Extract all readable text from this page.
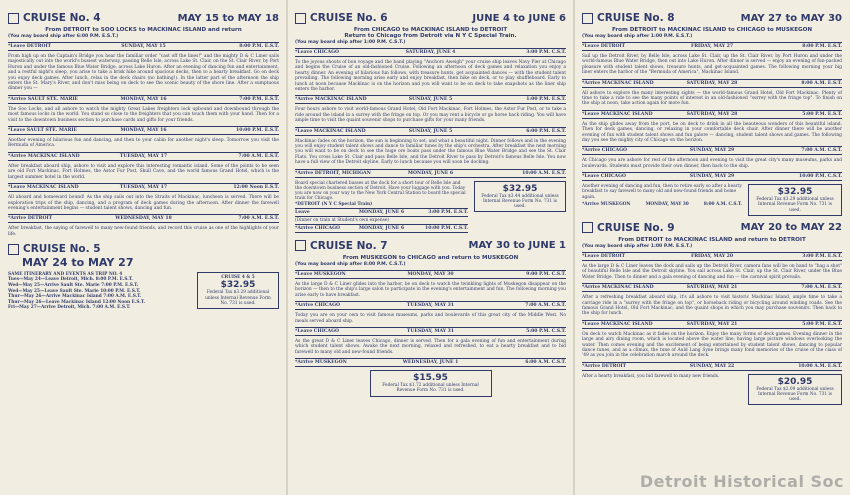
CRUISE No. 4	MAY 15 to MAY 18
From DETROIT to SOO LOCKS to MACKINAC ISLAND and return
(You may board ship after 6:00 P.M. E.S.T.)
*Leave DETROIT	SUNDAY, MAY 15	8:00 P.M. E.S.T.
From high up on the Captain's Bridge you hear the familiar order "cast off the lines!" and the mighty D & C Liner sails majestically out into the world's busiest waterway, passing Belle Isle, across Lake St. Clair, on the St. Clair River, by Port Huron and under the famous Blue Water Bridge, across Lake Huron. After an evening of dancing fun and entertainment, and a restful night's sleep, you arise to take a brisk hike around spacious decks, then to a hearty breakfast. Go on deck you enjoy deck games. After lunch, relax in the deck chairs (no bathing!). In the latter part of the afternoon the ship enters the St. Mary's River, and don't miss being on deck to see the scenic beauty of the shore line. After a sumptuous dinner you —
*Arrive SAULT STE. MARIE	MONDAY, MAY 16	7:00 P.M. E.S.T.
The Soo Locks, and all ashore to watch the mighty Great Lakes freighters lock upbound and downbound through the most famous locks in the world. You stand so close to the freighters that you can touch them with your hand. Then for a visit to the downtown business section to purchase cards and gifts for your friends.
*Leave SAULT STE. MARIE	MONDAY, MAY 16	10:00 P.M. E.S.T.
Another evening of hilarious fun and dancing, and then to your cabin for another night's sleep. Tomorrow you visit the Bermuda of America.
*Arrive MACKINAC ISLAND	TUESDAY, MAY 17	7:00 A.M. E.S.T.
After breakfast aboard ship, ashore to visit and explore this interesting romantic island. Some of the points to be seen are old Fort Mackinac, Fort Holmes, the Astor Fur Post, Skull Cave, and the world famous Grand Hotel, which is the largest summer hotel in the world.
*Leave MACKINAC ISLAND	TUESDAY, MAY 17	12:00 Noon E.S.T.
All aboard and homeward bound! As the ship sails out into the Straits of Mackinac, luncheon is served. There will be exploration trips of the ship, dancing, and a program of deck games during the afternoon. After dinner the farewell evening's entertainment begins — student talent shows, dancing and fun.
*Arrive DETROIT	WEDNESDAY, MAY 18	7:00 A.M. E.S.T.
After breakfast, the saying of farewell to many new-found friends, and record this cruise as one of the highlights of your life.
CRUISE No. 5
MAY 24 to MAY 27
SAME ITINERARY AND EVENTS AS TRIP NO. 4
Tues—May 24—Leave Detroit, Mich. 8:00 P.M. E.S.T.
Wed—May 25—Arrive Sault Ste. Marie 7:00 P.M. E.S.T.
Wed—May 25—Leave Sault Ste. Marie 10:00 P.M. E.S.T.
Thur—May 26—Arrive Mackinac Island 7:00 A.M. E.S.T.
Thur—May 26—Leave Mackinac Island 12:00 Noon E.S.T.
Fri—May 27—Arrive Detroit, Mich. 7:00 A.M. E.S.T.
CRUISE 4 & 5
$32.95
Federal Tax $3.29 additional unless Internal Revenue Form No. 731 is used.
CRUISE No. 6	JUNE 4 to JUNE 6
From CHICAGO to MACKINAC ISLAND to DETROIT
Return to Chicago from Detroit via N Y C Special Train.
(You may board ship after 1:00 P.M. C.S.T.)
*Leave CHICAGO	SATURDAY, JUNE 4	3:00 P.M. C.S.T.
To the joyous shouts of bon voyage and the band playing "Anchors Aweigh" your cruise ship leaves Navy Pier at Chicago and begins the Cruise of an old-fashioned Cruise. Following an afternoon of deck games and relaxation you enjoy a hearty dinner. An evening of hilarious fun follows, with treasure hunts, get acquainted dances — with the student talent prevailing. The following morning arise early and enjoy breakfast, then hike on deck, or to play shuffleboard. Early to lunch at noon because Mackinac is on the horizon and you will want to be on deck to take snapshots as the liner ship enters the harbor.
*Arrive MACKINAC ISLAND	SUNDAY, JUNE 5	1:00 P.M. E.S.T.
Four hours ashore to visit world-famous Grand Hotel, Old Fort Mackinac, Fort Holmes, the Astor Fur Post, or to take a ride around the island in a surrey with the fringe on top. Or you may rent a bicycle or go horse back riding. You will have ample time to visit the quaint souvenir shops to purchase gifts for your many friends.
*Leave MACKINAC ISLAND	SUNDAY, JUNE 5	6:00 P.M. E.S.T.
Mackinac fades on the horizon, the sun is beginning to set, and what a beautiful night. Dinner follows and in the evening you will enjoy student talent shows and dance to familiar tunes by the ship's orchestra. After breakfast the next morning you will want to be on deck to see the huge ore boats pass under the famous Blue Water Bridge and see the St. Clair Flats. You cross Lake St. Clair and pass Belle Isle, and the Detroit River to pass by Detroit's famous Belle Isle. You now have a full view of the Detroit skyline. Early to lunch because you will soon be docking.
*Arrive DETROIT, MICHIGAN	MONDAY, JUNE 6	10:00 A.M. E.S.T.
Board special chartered busses at the dock for a short tour of Belle Isle and the downtown business section of Detroit. Have your luggage with you. Today you are now on your way to the New York Central Station to board the special train for Chicago.
*DETROIT (N Y C Special Train)
Leave	MONDAY, JUNE 6	3:00 P.M. E.S.T.
(Dinner on train at Student's own expense)
*Arrive CHICAGO	MONDAY, JUNE 6	10:00 P.M. C.S.T.
$32.95
Federal Tax $3.44 additional unless Internal Revenue Form No. 731 is used.
CRUISE No. 7	MAY 30 to JUNE 1
From MUSKEGON to CHICAGO and return to MUSKEGON
(You may board ship after 8:00 P.M. C.S.T.)
*Leave MUSKEGON	MONDAY, MAY 30	9:00 P.M. C.S.T.
As the large D & C Liner glides into the harbor, be on deck to watch the twinkling lights of Muskegon disappear on the horizon — then to the ship's large salon to participate in the evening's entertainment and fun. The following morning you arise early to have breakfast.
*Arrive CHICAGO	TUESDAY, MAY 31	7:00 A.M. C.S.T.
Today you are on your own to visit famous museums, parks and boulevards of this great city of the Middle West. No meals served aboard ship.
*Leave CHICAGO	TUESDAY, MAY 31	5:00 P.M. C.S.T.
As the great D & C Liner leaves Chicago, dinner is served. Then for a gala evening of fun and entertainment during which student talent shows. Awake the next morning, relaxed and refreshed, to eat a hearty breakfast and to bid farewell to many old and new-found friends.
*Arrive MUSKEGON	WEDNESDAY, JUNE 1	6:00 A.M. C.S.T.
$15.95
Federal Tax $1.72 additional unless Internal Revenue Form No. 731 is used.
CRUISE No. 8	MAY 27 to MAY 30
From DETROIT to MACKINAC ISLAND to CHICAGO to MUSKEGON
(You may board ship after 1:00 P.M. E.S.T.)
*Leave DETROIT	FRIDAY, MAY 27	8:00 P.M. E.S.T.
Sail up the Detroit River, by Belle Isle, across Lake St. Clair, up the St. Clair River, by Port Huron and under the world-famous Blue Water Bridge, then out into Lake Huron. After dinner is served — enjoy an evening of fun-packed pleasure with student talent shows, treasure hunts, and get-acquainted games. The following morning your big liner enters the harbor of the "Bermuda of America", Mackinac Island.
*Arrive MACKINAC ISLAND	SATURDAY, MAY 28	8:00 A.M. E.S.T.
All ashore to explore the many interesting sights — the world-famous Grand Hotel, Old Fort Mackinac. Plenty of time to take a ride to see the many points of interest in an old-fashioned "surrey with the fringe top". To finish on the ship at noon, take action again for more fun.
*Leave MACKINAC ISLAND	SATURDAY, MAY 28	5:00 P.M. E.S.T.
As the ship glides away from the port, be on deck to drink in all the beauteous wonders of this beautiful island. Then for deck games, dancing, or relaxing in your comfortable deck chair. After dinner there will be another evening of fun with student talent shows and fun galore — dancing, student talent shows and games. The following day you see the mighty city of Chicago on the horizon.
*Arrive CHICAGO	SUNDAY, MAY 29	7:00 A.M. C.S.T.
At Chicago you are ashore for rest of the afternoon and evening to visit the great city's many museums, parks and boulevards. Students must provide their own dinner, then back to the ship.
*Leave CHICAGO	SUNDAY, MAY 29	10:00 P.M. C.S.T.
Another evening of dancing and fun, then to retire early so after a hearty breakfast to say farewell to many old and new-found friends and home again.
*Arrive MUSKEGON	MONDAY, MAY 30	8:00 A.M. C.S.T.
$32.95
Federal Tax $3.29 additional unless Internal Revenue Form No. 731 is used.
CRUISE No. 9	MAY 20 to MAY 22
From DETROIT to MACKINAC ISLAND and return to DETROIT
(You may board ship after 1:00 P.M. E.S.T.)
*Leave DETROIT	FRIDAY, MAY 20	3:00 P.M. E.S.T.
As the large D & C Liner leaves the dock and sails up the Detroit River, camera fans will be on hand to "bag a shot" of beautiful Belle Isle and the Detroit skyline. You sail across Lake St. Clair, up the St. Clair River, under the Blue Water Bridge. Then to dinner and a gala evening of dancing and fun — the carnival spirit prevails.
*Arrive MACKINAC ISLAND	SATURDAY, MAY 21	7:00 A.M. E.S.T.
After a refreshing breakfast aboard ship, it's all ashore to visit historic Mackinac Island, ample time to take a carriage ride in a "surrey with the fringe on top", or horseback riding or bicycling around winding roads. See the famous Grand Hotel, Old Fort Mackinac, and the quaint shops in which you may purchase souvenirs. Then back to the ship for lunch.
*Leave MACKINAC ISLAND	SATURDAY, MAY 21	5:00 P.M. E.S.T.
On deck to watch Mackinac as it fades on the horizon. Enjoy the many forms of deck games. Evening dinner in the large and airy dining room, which is located above the water line, having large picture windows overlooking the water. Then comes evening and the excitement of being entertained by student talent shows, dancing to popular dance tunes, and as a climax, the tune of Auld Lang Syne brings many fond memories of the cruise of the class of '49 as you join in the celebration march around the deck.
*Arrive DETROIT	SUNDAY, MAY 22	10:00 A.M. E.S.T.
After a hearty breakfast, you bid farewell to many new friends.
$20.95
Federal Tax $2.09 additional unless Internal Revenue Form No. 731 is used.
Detroit Historical Soc
